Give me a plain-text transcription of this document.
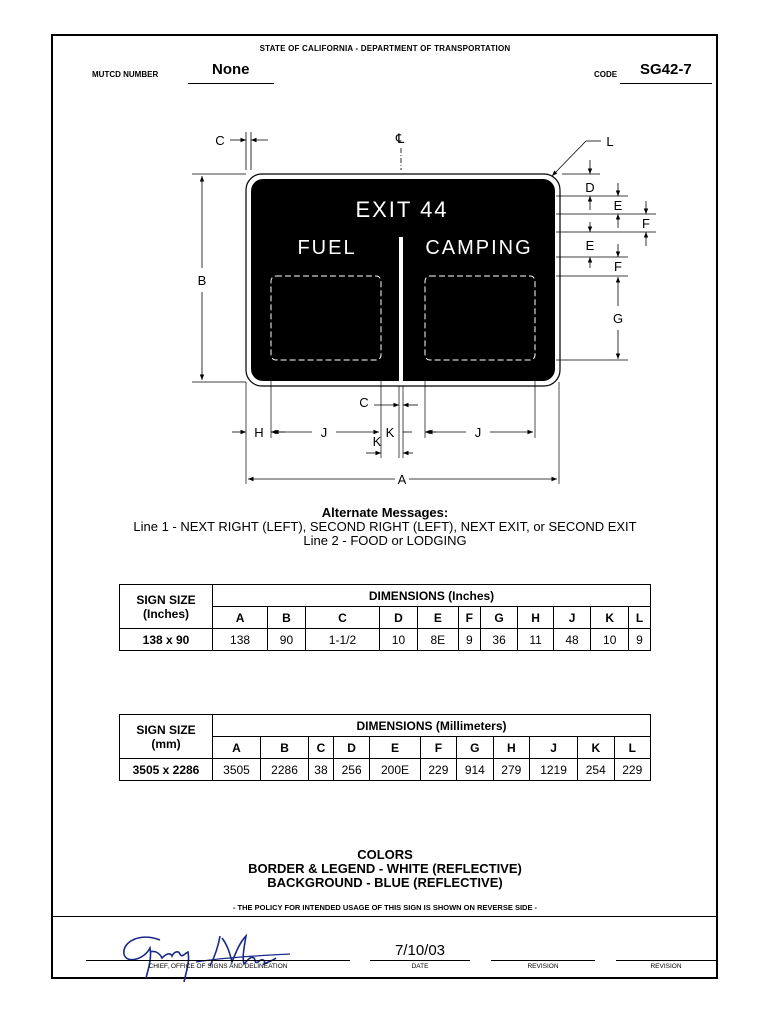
STATE OF CALIFORNIA - DEPARTMENT OF TRANSPORTATION
MUTCD NUMBER	None	CODE SG42-7
EXIT 44
FUEL	CAMPING
℄
C	L
B
D
E
F
E
F
G
C
H	J	K	J
K
A
Alternate Messages:
Line 1 - NEXT RIGHT (LEFT), SECOND RIGHT (LEFT), NEXT EXIT, or SECOND EXIT
Line 2 - FOOD or LODGING
SIGN SIZE
(Inches)	DIMENSIONS (Inches)										
	A	B	C	D	E	F	G	H	J	K	L
138 x 90	138	90	1-1/2	10	8E	9	36	11	48	10	9
SIGN SIZE
(mm)	DIMENSIONS (Millimeters)										
	A	B	C	D	E	F	G	H	J	K	L
3505 x 2286	3505	2286	38	256	200E	229	914	279	1219	254	229
COLORS
BORDER & LEGEND - WHITE (REFLECTIVE)
BACKGROUND - BLUE (REFLECTIVE)
- THE POLICY FOR INTENDED USAGE OF THIS SIGN IS SHOWN ON REVERSE SIDE -
Gerry Meis
CHIEF, OFFICE OF SIGNS AND DELINEATION
7/10/03
DATE	REVISION	REVISION
